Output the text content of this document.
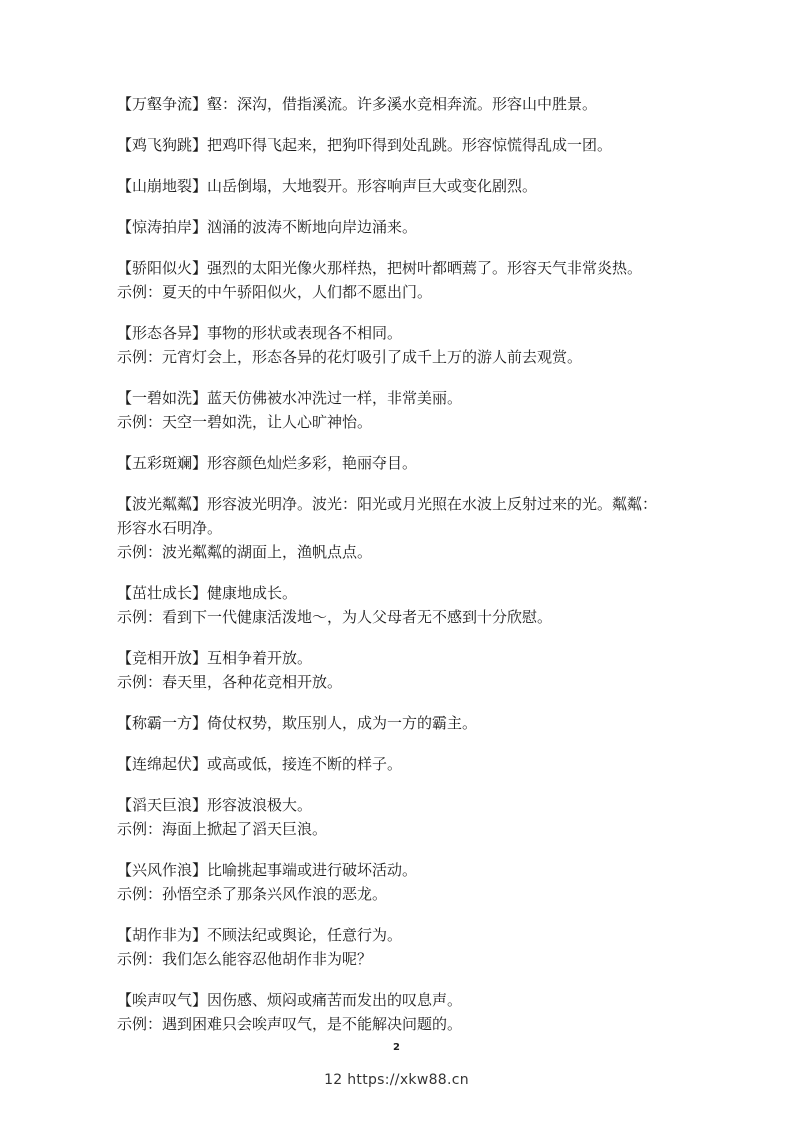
【万壑争流】壑：深沟，借指溪流。许多溪水竞相奔流。形容山中胜景。
【鸡飞狗跳】把鸡吓得飞起来，把狗吓得到处乱跳。形容惊慌得乱成一团。
【山崩地裂】山岳倒塌，大地裂开。形容响声巨大或变化剧烈。
【惊涛拍岸】汹涌的波涛不断地向岸边涌来。
【骄阳似火】强烈的太阳光像火那样热，把树叶都晒蔫了。形容天气非常炎热。
示例：夏天的中午骄阳似火，人们都不愿出门。
【形态各异】事物的形状或表现各不相同。
示例：元宵灯会上，形态各异的花灯吸引了成千上万的游人前去观赏。
【一碧如洗】蓝天仿佛被水冲洗过一样，非常美丽。
示例：天空一碧如洗，让人心旷神怡。
【五彩斑斓】形容颜色灿烂多彩，艳丽夺目。
【波光粼粼】形容波光明净。波光：阳光或月光照在水波上反射过来的光。粼粼：
形容水石明净。
示例：波光粼粼的湖面上，渔帆点点。
【茁壮成长】健康地成长。
示例：看到下一代健康活泼地～，为人父母者无不感到十分欣慰。
【竞相开放】互相争着开放。
示例：春天里，各种花竞相开放。
【称霸一方】倚仗权势，欺压别人，成为一方的霸主。
【连绵起伏】或高或低，接连不断的样子。
【滔天巨浪】形容波浪极大。
示例：海面上掀起了滔天巨浪。
【兴风作浪】比喻挑起事端或进行破坏活动。
示例：孙悟空杀了那条兴风作浪的恶龙。
【胡作非为】不顾法纪或舆论，任意行为。
示例：我们怎么能容忍他胡作非为呢？
【唉声叹气】因伤感、烦闷或痛苦而发出的叹息声。
示例：遇到困难只会唉声叹气，是不能解决问题的。
2
12 https://xkw88.cn
